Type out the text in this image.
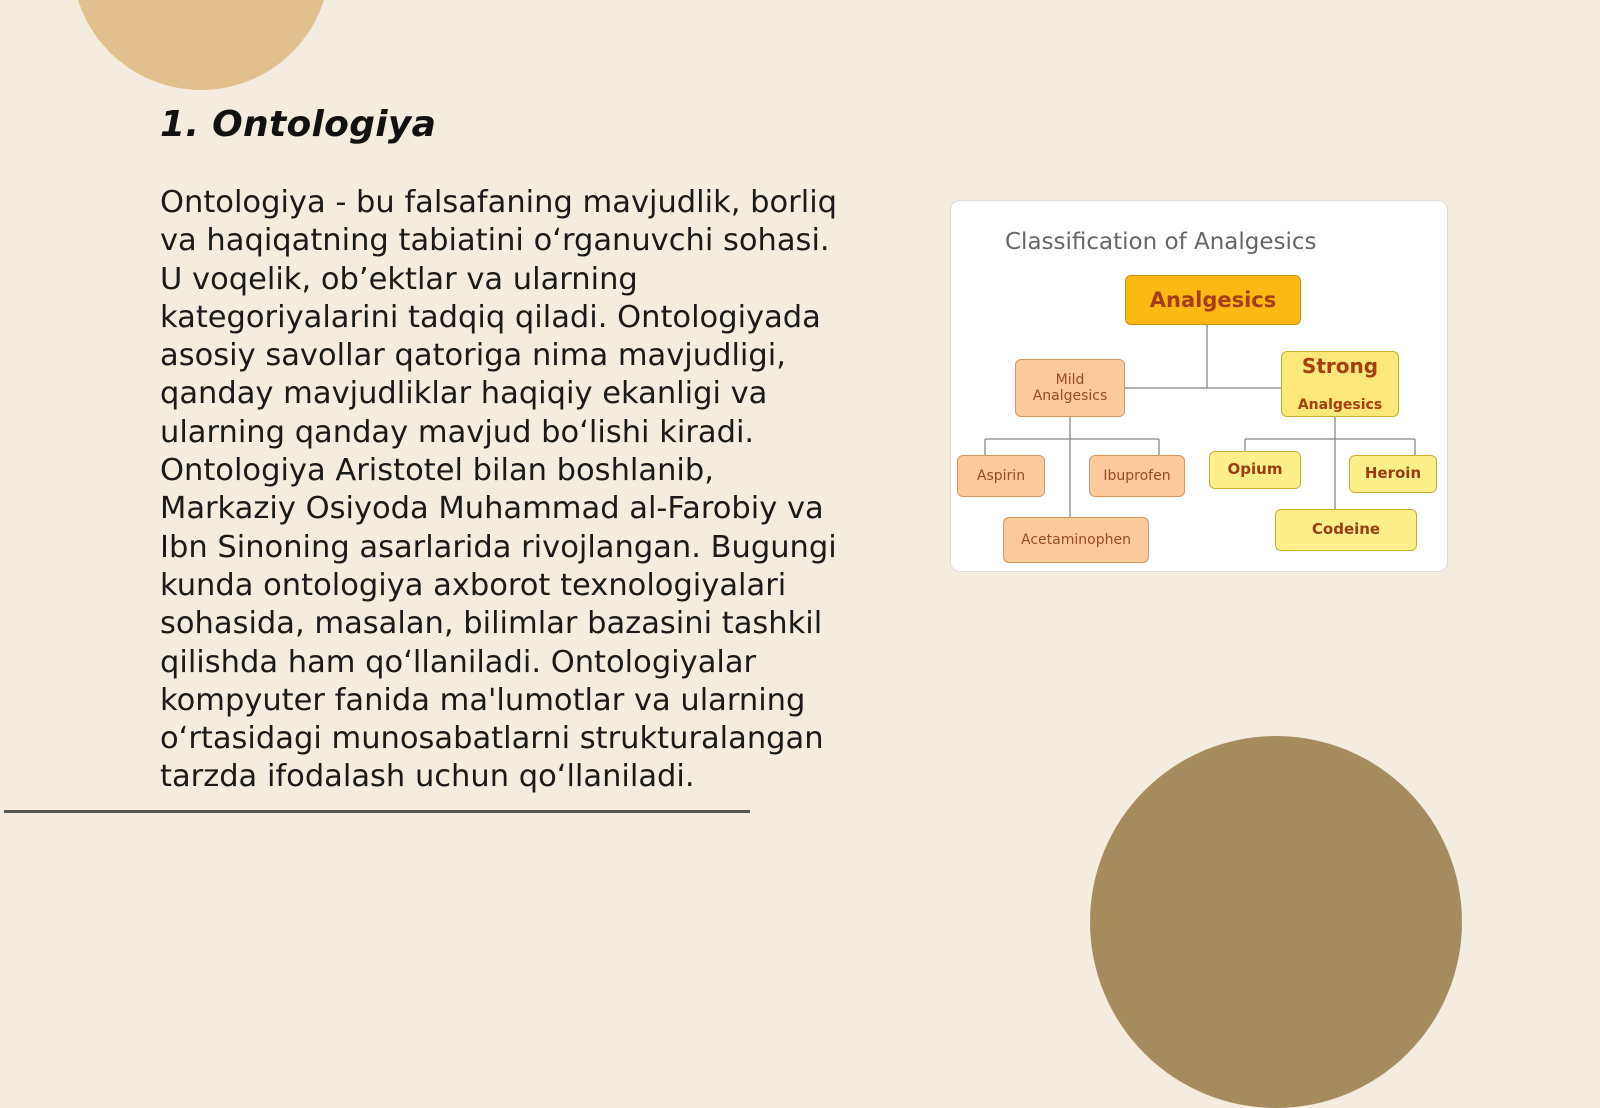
1. Ontologiya

Ontologiya - bu falsafaning mavjudlik, borliq
va haqiqatning tabiatini o‘rganuvchi sohasi.
U voqelik, ob’ektlar va ularning
kategoriyalarini tadqiq qiladi. Ontologiyada
asosiy savollar qatoriga nima mavjudligi,
qanday mavjudliklar haqiqiy ekanligi va
ularning qanday mavjud bo‘lishi kiradi.
Ontologiya Aristotel bilan boshlanib,
Markaziy Osiyoda Muhammad al-Farobiy va
Ibn Sinoning asarlarida rivojlangan. Bugungi
kunda ontologiya axborot texnologiyalari
sohasida, masalan, bilimlar bazasini tashkil
qilishda ham qo‘llaniladi. Ontologiyalar
kompyuter fanida ma'lumotlar va ularning
o‘rtasidagi munosabatlarni strukturalangan
tarzda ifodalash uchun qo‘llaniladi.

Classification of Analgesics
Analgesics
Mild
Analgesics

Strong

Analgesics

Aspirin	Ibuprofen
Acetaminophen
Opium	Heroin
Codeine
